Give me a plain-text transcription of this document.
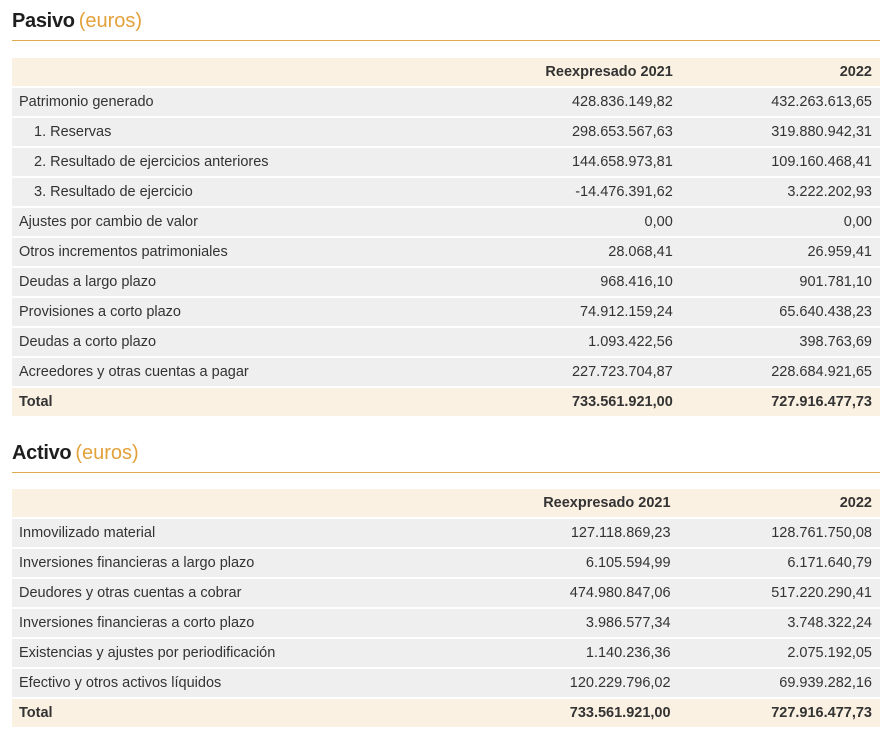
Pasivo (euros)
	Reexpresado 2021	2022
Patrimonio generado	428.836.149,82	432.263.613,65
1. Reservas	298.653.567,63	319.880.942,31
2. Resultado de ejercicios anteriores	144.658.973,81	109.160.468,41
3. Resultado de ejercicio	-14.476.391,62	3.222.202,93
Ajustes por cambio de valor	0,00	0,00
Otros incrementos patrimoniales	28.068,41	26.959,41
Deudas a largo plazo	968.416,10	901.781,10
Provisiones a corto plazo	74.912.159,24	65.640.438,23
Deudas a corto plazo	1.093.422,56	398.763,69
Acreedores y otras cuentas a pagar	227.723.704,87	228.684.921,65
Total	733.561.921,00	727.916.477,73
Activo (euros)
	Reexpresado 2021	2022
Inmovilizado material	127.118.869,23	128.761.750,08
Inversiones financieras a largo plazo	6.105.594,99	6.171.640,79
Deudores y otras cuentas a cobrar	474.980.847,06	517.220.290,41
Inversiones financieras a corto plazo	3.986.577,34	3.748.322,24
Existencias y ajustes por periodificación	1.140.236,36	2.075.192,05
Efectivo y otros activos líquidos	120.229.796,02	69.939.282,16
Total	733.561.921,00	727.916.477,73
